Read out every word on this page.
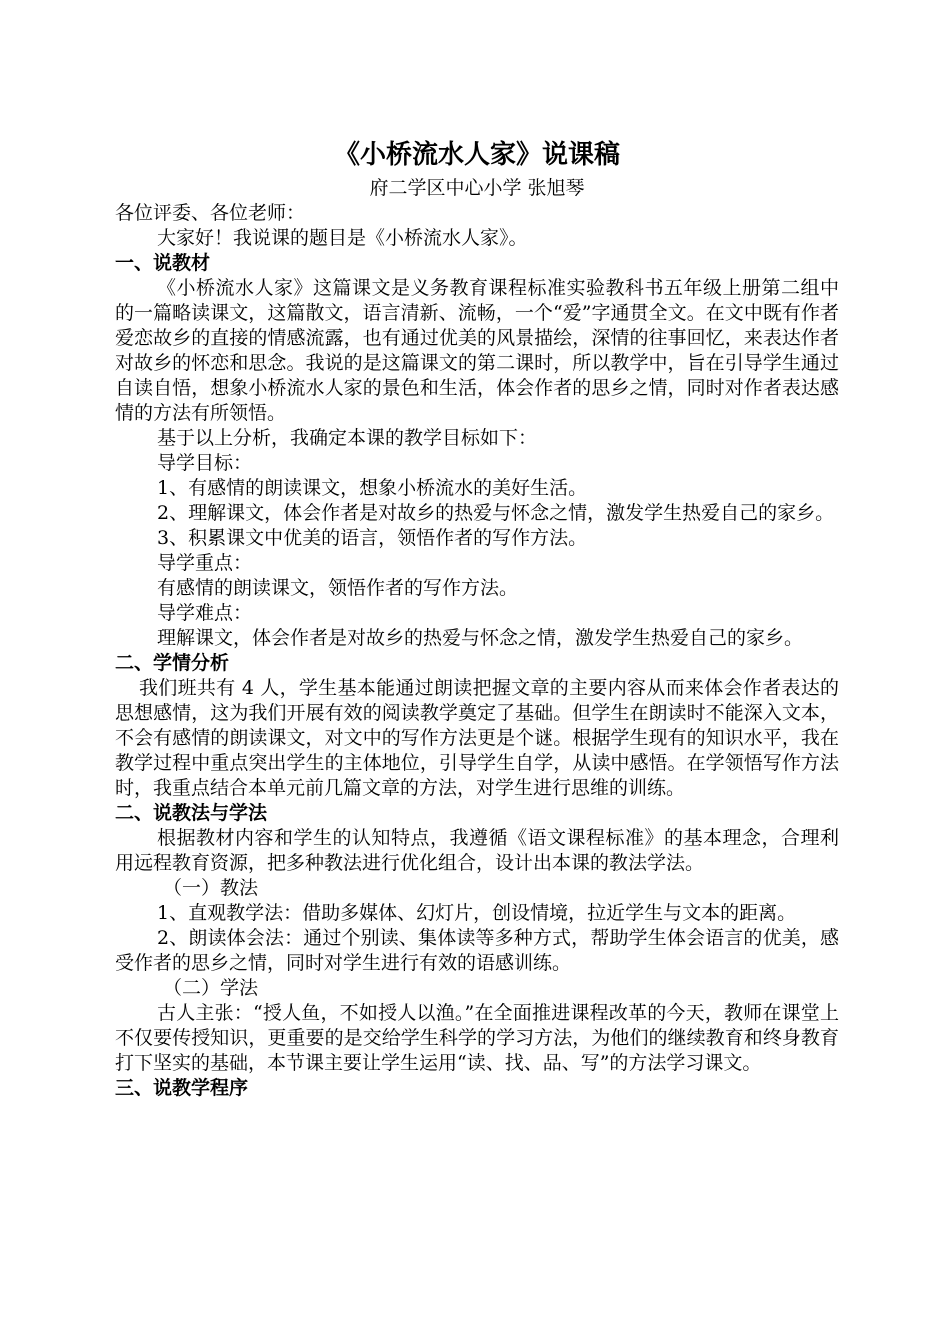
《小桥流水人家》说课稿
府二学区中心小学 张旭琴

各位评委、各位老师：

大家好！我说课的题目是《小桥流水人家》。

一、说教材

《小桥流水人家》这篇课文是义务教育课程标准实验教科书五年级上册第二组中的一篇略读课文，这篇散文，语言清新、流畅，一个“爱”字通贯全文。在文中既有作者爱恋故乡的直接的情感流露，也有通过优美的风景描绘，深情的往事回忆，来表达作者对故乡的怀恋和思念。我说的是这篇课文的第二课时，所以教学中，旨在引导学生通过自读自悟，想象小桥流水人家的景色和生活，体会作者的思乡之情，同时对作者表达感情的方法有所领悟。

基于以上分析，我确定本课的教学目标如下：

导学目标：

1、有感情的朗读课文，想象小桥流水的美好生活。

2、理解课文，体会作者是对故乡的热爱与怀念之情，激发学生热爱自己的家乡。

3、积累课文中优美的语言，领悟作者的写作方法。

导学重点：

有感情的朗读课文，领悟作者的写作方法。

导学难点：

理解课文，体会作者是对故乡的热爱与怀念之情，激发学生热爱自己的家乡。

二、学情分析

我们班共有 4 人，学生基本能通过朗读把握文章的主要内容从而来体会作者表达的思想感情，这为我们开展有效的阅读教学奠定了基础。但学生在朗读时不能深入文本，不会有感情的朗读课文，对文中的写作方法更是个谜。根据学生现有的知识水平，我在教学过程中重点突出学生的主体地位，引导学生自学，从读中感悟。在学领悟写作方法时，我重点结合本单元前几篇文章的方法，对学生进行思维的训练。

二、说教法与学法

根据教材内容和学生的认知特点，我遵循《语文课程标准》的基本理念，合理利用远程教育资源，把多种教法进行优化组合，设计出本课的教法学法。

（一）教法

1、直观教学法：借助多媒体、幻灯片，创设情境，拉近学生与文本的距离。

2、朗读体会法：通过个别读、集体读等多种方式，帮助学生体会语言的优美，感受作者的思乡之情，同时对学生进行有效的语感训练。

（二）学法

古人主张：“授人鱼，不如授人以渔。”在全面推进课程改革的今天，教师在课堂上不仅要传授知识，更重要的是交给学生科学的学习方法，为他们的继续教育和终身教育打下坚实的基础，本节课主要让学生运用“读、找、品、写”的方法学习课文。

三、说教学程序
